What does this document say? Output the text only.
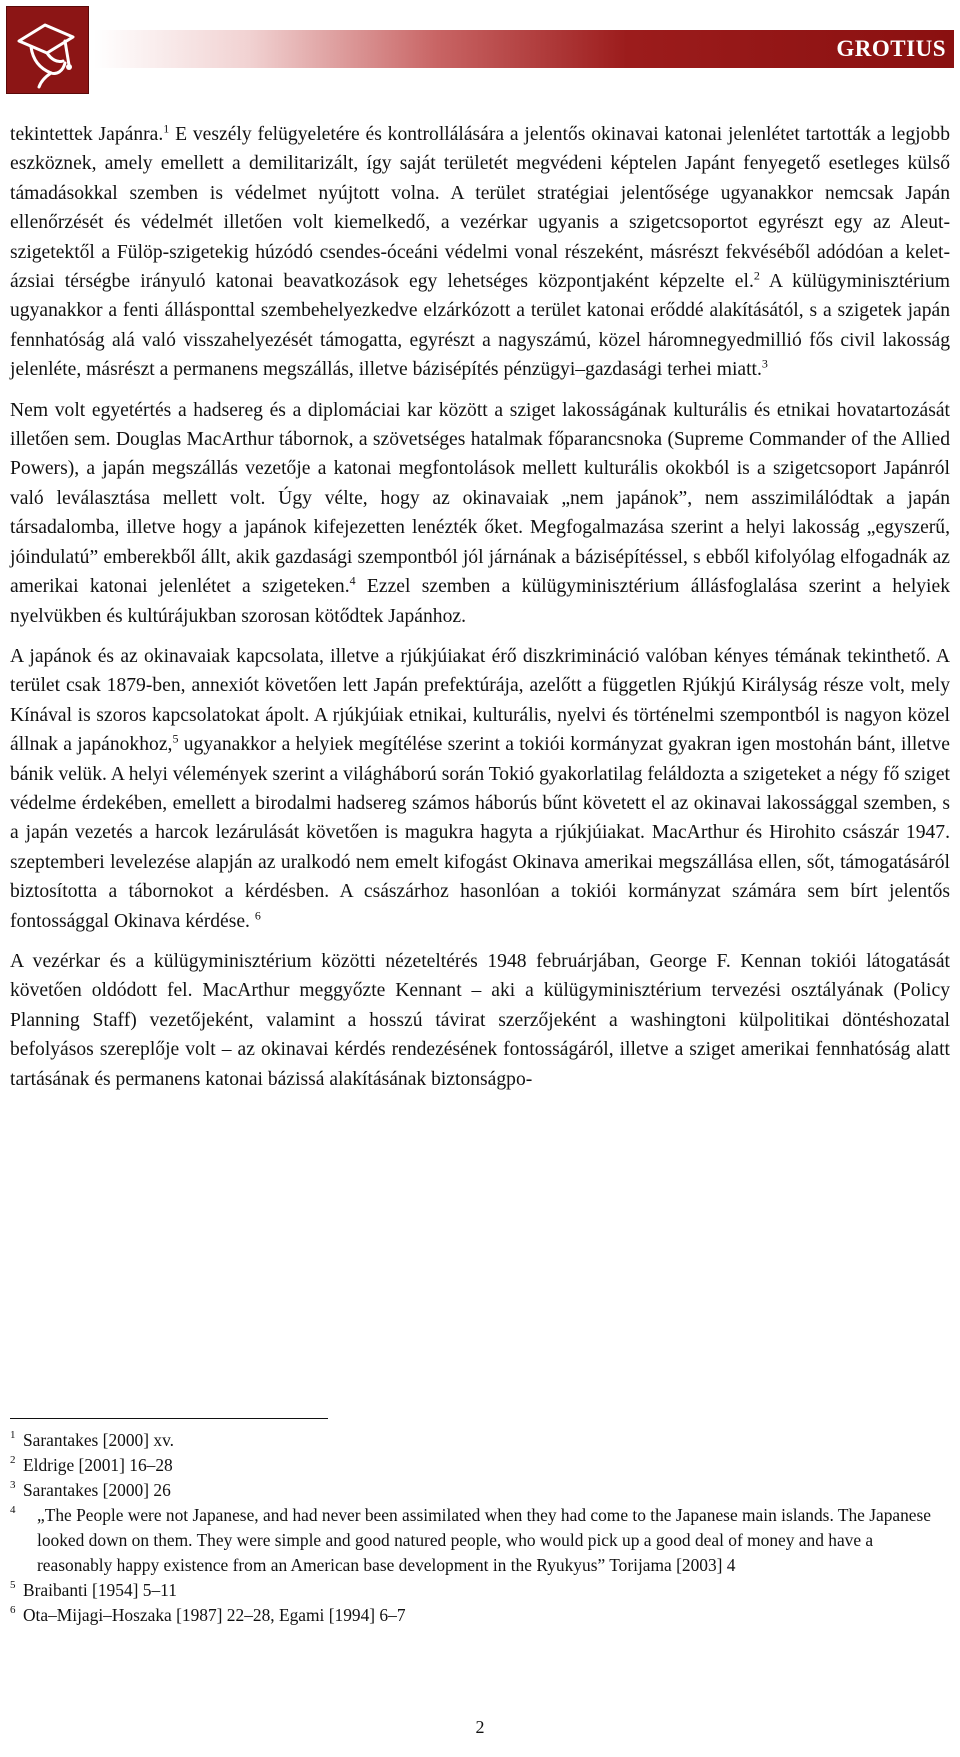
GROTIUS

tekintettek Japánra.$^1$ E veszély felügyeletére és kontrollálására a jelentős okinavai katonai jelenlétet tartották a legjobb eszköznek, amely emellett a demilitarizált, így saját területét megvédeni képtelen Japánt fenyegető esetleges külső támadásokkal szemben is védelmet nyújtott volna. A terület stratégiai jelentősége ugyanakkor nemcsak Japán ellenőrzését és védelmét illetően volt kiemelkedő, a vezérkar ugyanis a szigetcsoportot egyrészt egy az Aleut-szigetektől a Fülöp-szigetekig húzódó csendes-óceáni védelmi vonal részeként, másrészt fekvéséből adódóan a kelet-ázsiai térségbe irányuló katonai beavatkozások egy lehetséges központjaként képzelte el.$^2$ A külügyminisztérium ugyanakkor a fenti állásponttal szembehelyezkedve elzárkózott a terület katonai erőddé alakításától, s a szigetek japán fennhatóság alá való visszahelyezését támogatta, egyrészt a nagyszámú, közel háromnegyedmillió fős civil lakosság jelenléte, másrészt a permanens megszállás, illetve bázisépítés pénzügyi–gazdasági terhei miatt.$^3$

Nem volt egyetértés a hadsereg és a diplomáciai kar között a sziget lakosságának kulturális és etnikai hovatartozását illetően sem. Douglas MacArthur tábornok, a szövetséges hatalmak főparancsnoka (Supreme Commander of the Allied Powers), a japán megszállás vezetője a katonai megfontolások mellett kulturális okokból is a szigetcsoport Japánról való leválasztása mellett volt. Úgy vélte, hogy az okinavaiak „nem japánok”, nem asszimilálódtak a japán társadalomba, illetve hogy a japánok kifejezetten lenézték őket. Megfogalmazása szerint a helyi lakosság „egyszerű, jóindulatú” emberekből állt, akik gazdasági szempontból jól járnának a bázisépítéssel, s ebből kifolyólag elfogadnák az amerikai katonai jelenlétet a szigeteken.$^4$ Ezzel szemben a külügyminisztérium állásfoglalása szerint a helyiek nyelvükben és kultúrájukban szorosan kötődtek Japánhoz.

A japánok és az okinavaiak kapcsolata, illetve a rjúkjúiakat érő diszkrimináció valóban kényes témának tekinthető. A terület csak 1879-ben, annexiót követően lett Japán prefektúrája, azelőtt a független Rjúkjú Királyság része volt, mely Kínával is szoros kapcsolatokat ápolt. A rjúkjúiak etnikai, kulturális, nyelvi és történelmi szempontból is nagyon közel állnak a japánokhoz,$^5$ ugyanakkor a helyiek megítélése szerint a tokiói kormányzat gyakran igen mostohán bánt, illetve bánik velük. A helyi vélemények szerint a világháború során Tokió gyakorlatilag feláldozta a szigeteket a négy fő sziget védelme érdekében, emellett a birodalmi hadsereg számos háborús bűnt követett el az okinavai lakossággal szemben, s a japán vezetés a harcok lezárulását követően is magukra hagyta a rjúkjúiakat. MacArthur és Hirohito császár 1947. szeptemberi levelezése alapján az uralkodó nem emelt kifogást Okinava amerikai megszállása ellen, sőt, támogatásáról biztosította a tábornokot a kérdésben. A császárhoz hasonlóan a tokiói kormányzat számára sem bírt jelentős fontossággal Okinava kérdése. $^6$

A vezérkar és a külügyminisztérium közötti nézeteltérés 1948 februárjában, George F. Kennan tokiói látogatását követően oldódott fel. MacArthur meggyőzte Kennant – aki a külügyminisztérium tervezési osztályának (Policy Planning Staff) vezetőjeként, valamint a hosszú távirat szerzőjeként a washingtoni külpolitikai döntéshozatal befolyásos szereplője volt – az okinavai kérdés rendezésének fontosságáról, illetve a sziget amerikai fennhatóság alatt tartásának és permanens katonai bázissá alakításának biztonságpo-

1 Sarantakes [2000] xv.
2 Eldrige [2001] 16–28
3 Sarantakes [2000] 26
4	„The People were not Japanese, and had never been assimilated when they had come to the Japanese main islands. The Japanese looked down on them. They were simple and good natured people, who would pick up a good deal of money and have a reasonably happy existence from an American base development in the Ryukyus” Torijama [2003] 4
5 Braibanti [1954] 5–11
6 Ota–Mijagi–Hoszaka [1987] 22–28, Egami [1994] 6–7
2
